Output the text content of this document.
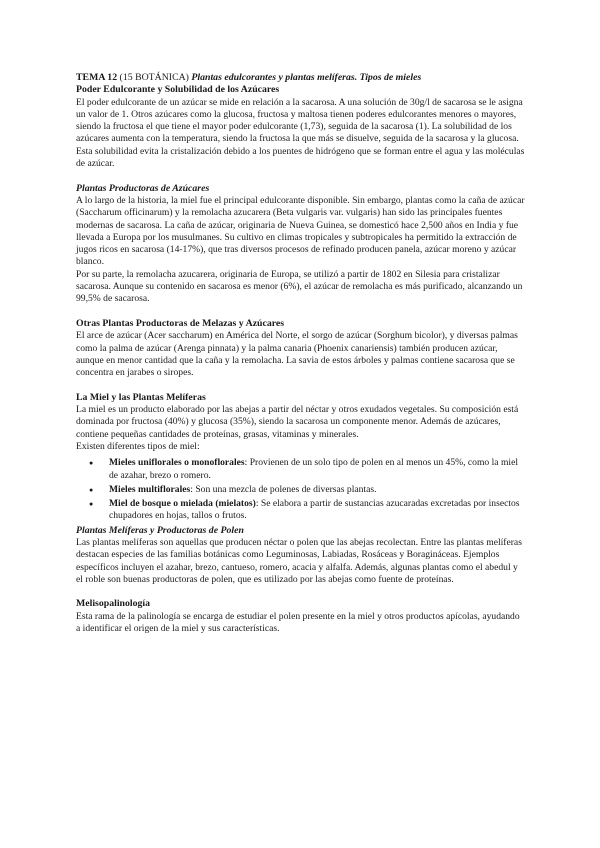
TEMA 12 (15 BOTÁNICA) Plantas edulcorantes y plantas melíferas. Tipos de mieles
Poder Edulcorante y Solubilidad de los Azúcares

El poder edulcorante de un azúcar se mide en relación a la sacarosa. A una solución de 30g/l de sacarosa se le asigna un valor de 1. Otros azúcares como la glucosa, fructosa y maltosa tienen poderes edulcorantes menores o mayores, siendo la fructosa el que tiene el mayor poder edulcorante (1,73), seguida de la sacarosa (1). La solubilidad de los azúcares aumenta con la temperatura, siendo la fructosa la que más se disuelve, seguida de la sacarosa y la glucosa. Esta solubilidad evita la cristalización debido a los puentes de hidrógeno que se forman entre el agua y las moléculas de azúcar.

Plantas Productoras de Azúcares

A lo largo de la historia, la miel fue el principal edulcorante disponible. Sin embargo, plantas como la caña de azúcar (Saccharum officinarum) y la remolacha azucarera (Beta vulgaris var. vulgaris) han sido las principales fuentes modernas de sacarosa. La caña de azúcar, originaria de Nueva Guinea, se domesticó hace 2,500 años en India y fue llevada a Europa por los musulmanes. Su cultivo en climas tropicales y subtropicales ha permitido la extracción de jugos ricos en sacarosa (14-17%), que tras diversos procesos de refinado producen panela, azúcar moreno y azúcar blanco.

Por su parte, la remolacha azucarera, originaria de Europa, se utilizó a partir de 1802 en Silesia para cristalizar sacarosa. Aunque su contenido en sacarosa es menor (6%), el azúcar de remolacha es más purificado, alcanzando un 99,5% de sacarosa.

Otras Plantas Productoras de Melazas y Azúcares

El arce de azúcar (Acer saccharum) en América del Norte, el sorgo de azúcar (Sorghum bicolor), y diversas palmas como la palma de azúcar (Arenga pinnata) y la palma canaria (Phoenix canariensis) también producen azúcar, aunque en menor cantidad que la caña y la remolacha. La savia de estos árboles y palmas contiene sacarosa que se concentra en jarabes o siropes.

La Miel y las Plantas Melíferas

La miel es un producto elaborado por las abejas a partir del néctar y otros exudados vegetales. Su composición está dominada por fructosa (40%) y glucosa (35%), siendo la sacarosa un componente menor. Además de azúcares, contiene pequeñas cantidades de proteínas, grasas, vitaminas y minerales.

Existen diferentes tipos de miel:

● Mieles uniflorales o monoflorales: Provienen de un solo tipo de polen en al menos un 45%, como la miel de azahar, brezo o romero.
● Mieles multiflorales: Son una mezcla de polenes de diversas plantas.
● Miel de bosque o mielada (mielatos): Se elabora a partir de sustancias azucaradas excretadas por insectos chupadores en hojas, tallos o frutos.
Plantas Melíferas y Productoras de Polen

Las plantas melíferas son aquellas que producen néctar o polen que las abejas recolectan. Entre las plantas melíferas destacan especies de las familias botánicas como Leguminosas, Labiadas, Rosáceas y Boragináceas. Ejemplos específicos incluyen el azahar, brezo, cantueso, romero, acacia y alfalfa. Además, algunas plantas como el abedul y el roble son buenas productoras de polen, que es utilizado por las abejas como fuente de proteínas.

Melisopalinología

Esta rama de la palinología se encarga de estudiar el polen presente en la miel y otros productos apícolas, ayudando a identificar el origen de la miel y sus características.
